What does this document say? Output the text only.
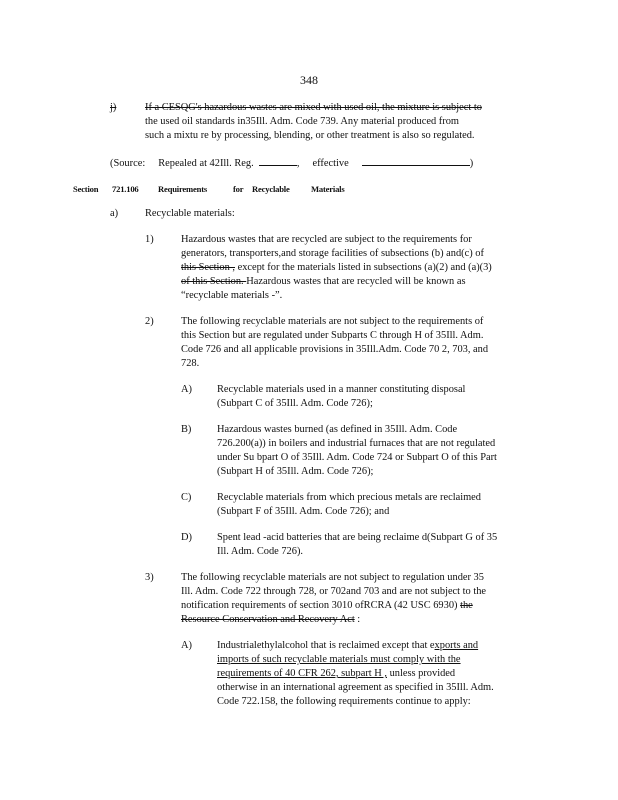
348
j)	If a CESQG's hazardous wastes are mixed with used oil, the mixture is subject to
the used oil standards in35Ill. Adm. Code 739. Any material produced from
such a mixtu re by processing, blending, or other treatment is also so regulated.
(Source: Repealed at 42Ill. Reg.	, effective	)
Section 721.106 Requirements	for Recyclable Materials
a)	Recyclable materials:
1)	Hazardous wastes that are recycled are subject to the requirements for
generators, transporters,and storage facilities of subsections (b) and(c) of
this Section , except for the materials listed in subsections (a)(2) and (a)(3)
of this Section. Hazardous wastes that are recycled will be known as
“recyclable materials -”.
2)	The following recyclable materials are not subject to the requirements of
this Section but are regulated under Subparts C through H of 35Ill. Adm.
Code 726 and all applicable provisions in 35Ill.Adm. Code 70 2, 703, and
728.
A) Recyclable materials used in a manner constituting disposal
(Subpart C of 35Ill. Adm. Code 726);
B) Hazardous wastes burned (as defined in 35Ill. Adm. Code
726.200(a)) in boilers and industrial furnaces that are not regulated
under Su bpart O of 35Ill. Adm. Code 724 or Subpart O of this Part
(Subpart H of 35Ill. Adm. Code 726);
C) Recyclable materials from which precious metals are reclaimed
(Subpart F of 35Ill. Adm. Code 726); and
D) Spent lead -acid batteries that are being reclaime d(Subpart G of 35
Ill. Adm. Code 726).
3)	The following recyclable materials are not subject to regulation under 35
Ill. Adm. Code 722 through 728, or 702and 703 and are not subject to the
notification requirements of section 3010 ofRCRA (42 USC 6930) the
Resource Conservation and Recovery Act :
A) Industrialethylalcohol that is reclaimed except that exports and
imports of such recyclable materials must comply with the
requirements of 40 CFR 262, subpart H , unless provided
otherwise in an international agreement as specified in 35Ill. Adm.
Code 722.158, the following requirements continue to apply:
